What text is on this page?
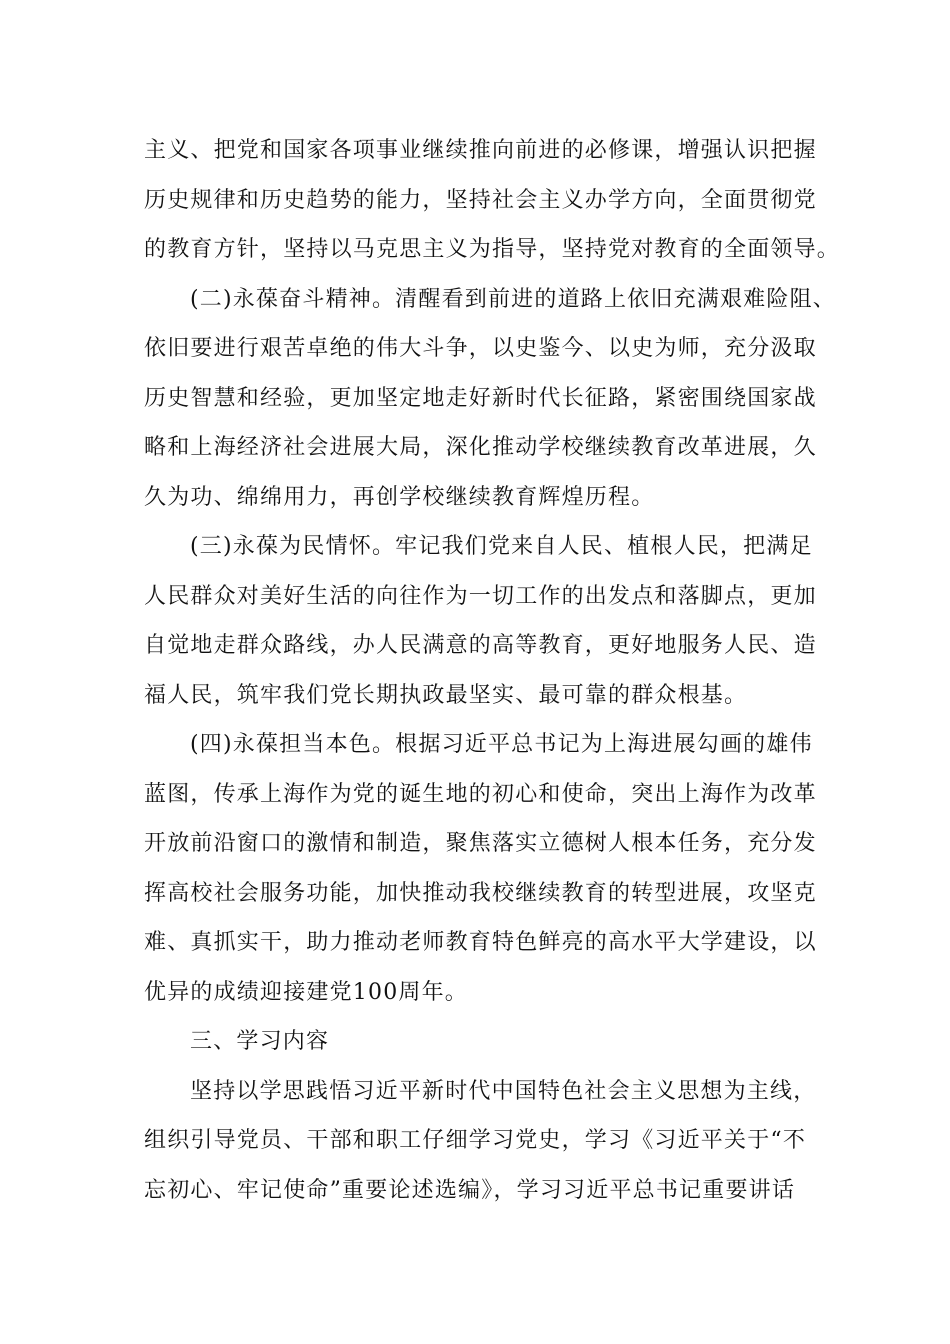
主义、把党和国家各项事业继续推向前进的必修课，增强认识把握
历史规律和历史趋势的能力，坚持社会主义办学方向，全面贯彻党
的教育方针，坚持以马克思主义为指导，坚持党对教育的全面领导。
(二)永葆奋斗精神。清醒看到前进的道路上依旧充满艰难险阻、
依旧要进行艰苦卓绝的伟大斗争，以史鉴今、以史为师，充分汲取
历史智慧和经验，更加坚定地走好新时代长征路，紧密围绕国家战
略和上海经济社会进展大局，深化推动学校继续教育改革进展，久
久为功、绵绵用力，再创学校继续教育辉煌历程。
(三)永葆为民情怀。牢记我们党来自人民、植根人民，把满足
人民群众对美好生活的向往作为一切工作的出发点和落脚点，更加
自觉地走群众路线，办人民满意的高等教育，更好地服务人民、造
福人民，筑牢我们党长期执政最坚实、最可靠的群众根基。
(四)永葆担当本色。根据习近平总书记为上海进展勾画的雄伟
蓝图，传承上海作为党的诞生地的初心和使命，突出上海作为改革
开放前沿窗口的激情和制造，聚焦落实立德树人根本任务，充分发
挥高校社会服务功能，加快推动我校继续教育的转型进展，攻坚克
难、真抓实干，助力推动老师教育特色鲜亮的高水平大学建设，以
优异的成绩迎接建党100周年。
三、学习内容
坚持以学思践悟习近平新时代中国特色社会主义思想为主线，
组织引导党员、干部和职工仔细学习党史，学习《习近平关于“不
忘初心、牢记使命”重要论述选编》，学习习近平总书记重要讲话
